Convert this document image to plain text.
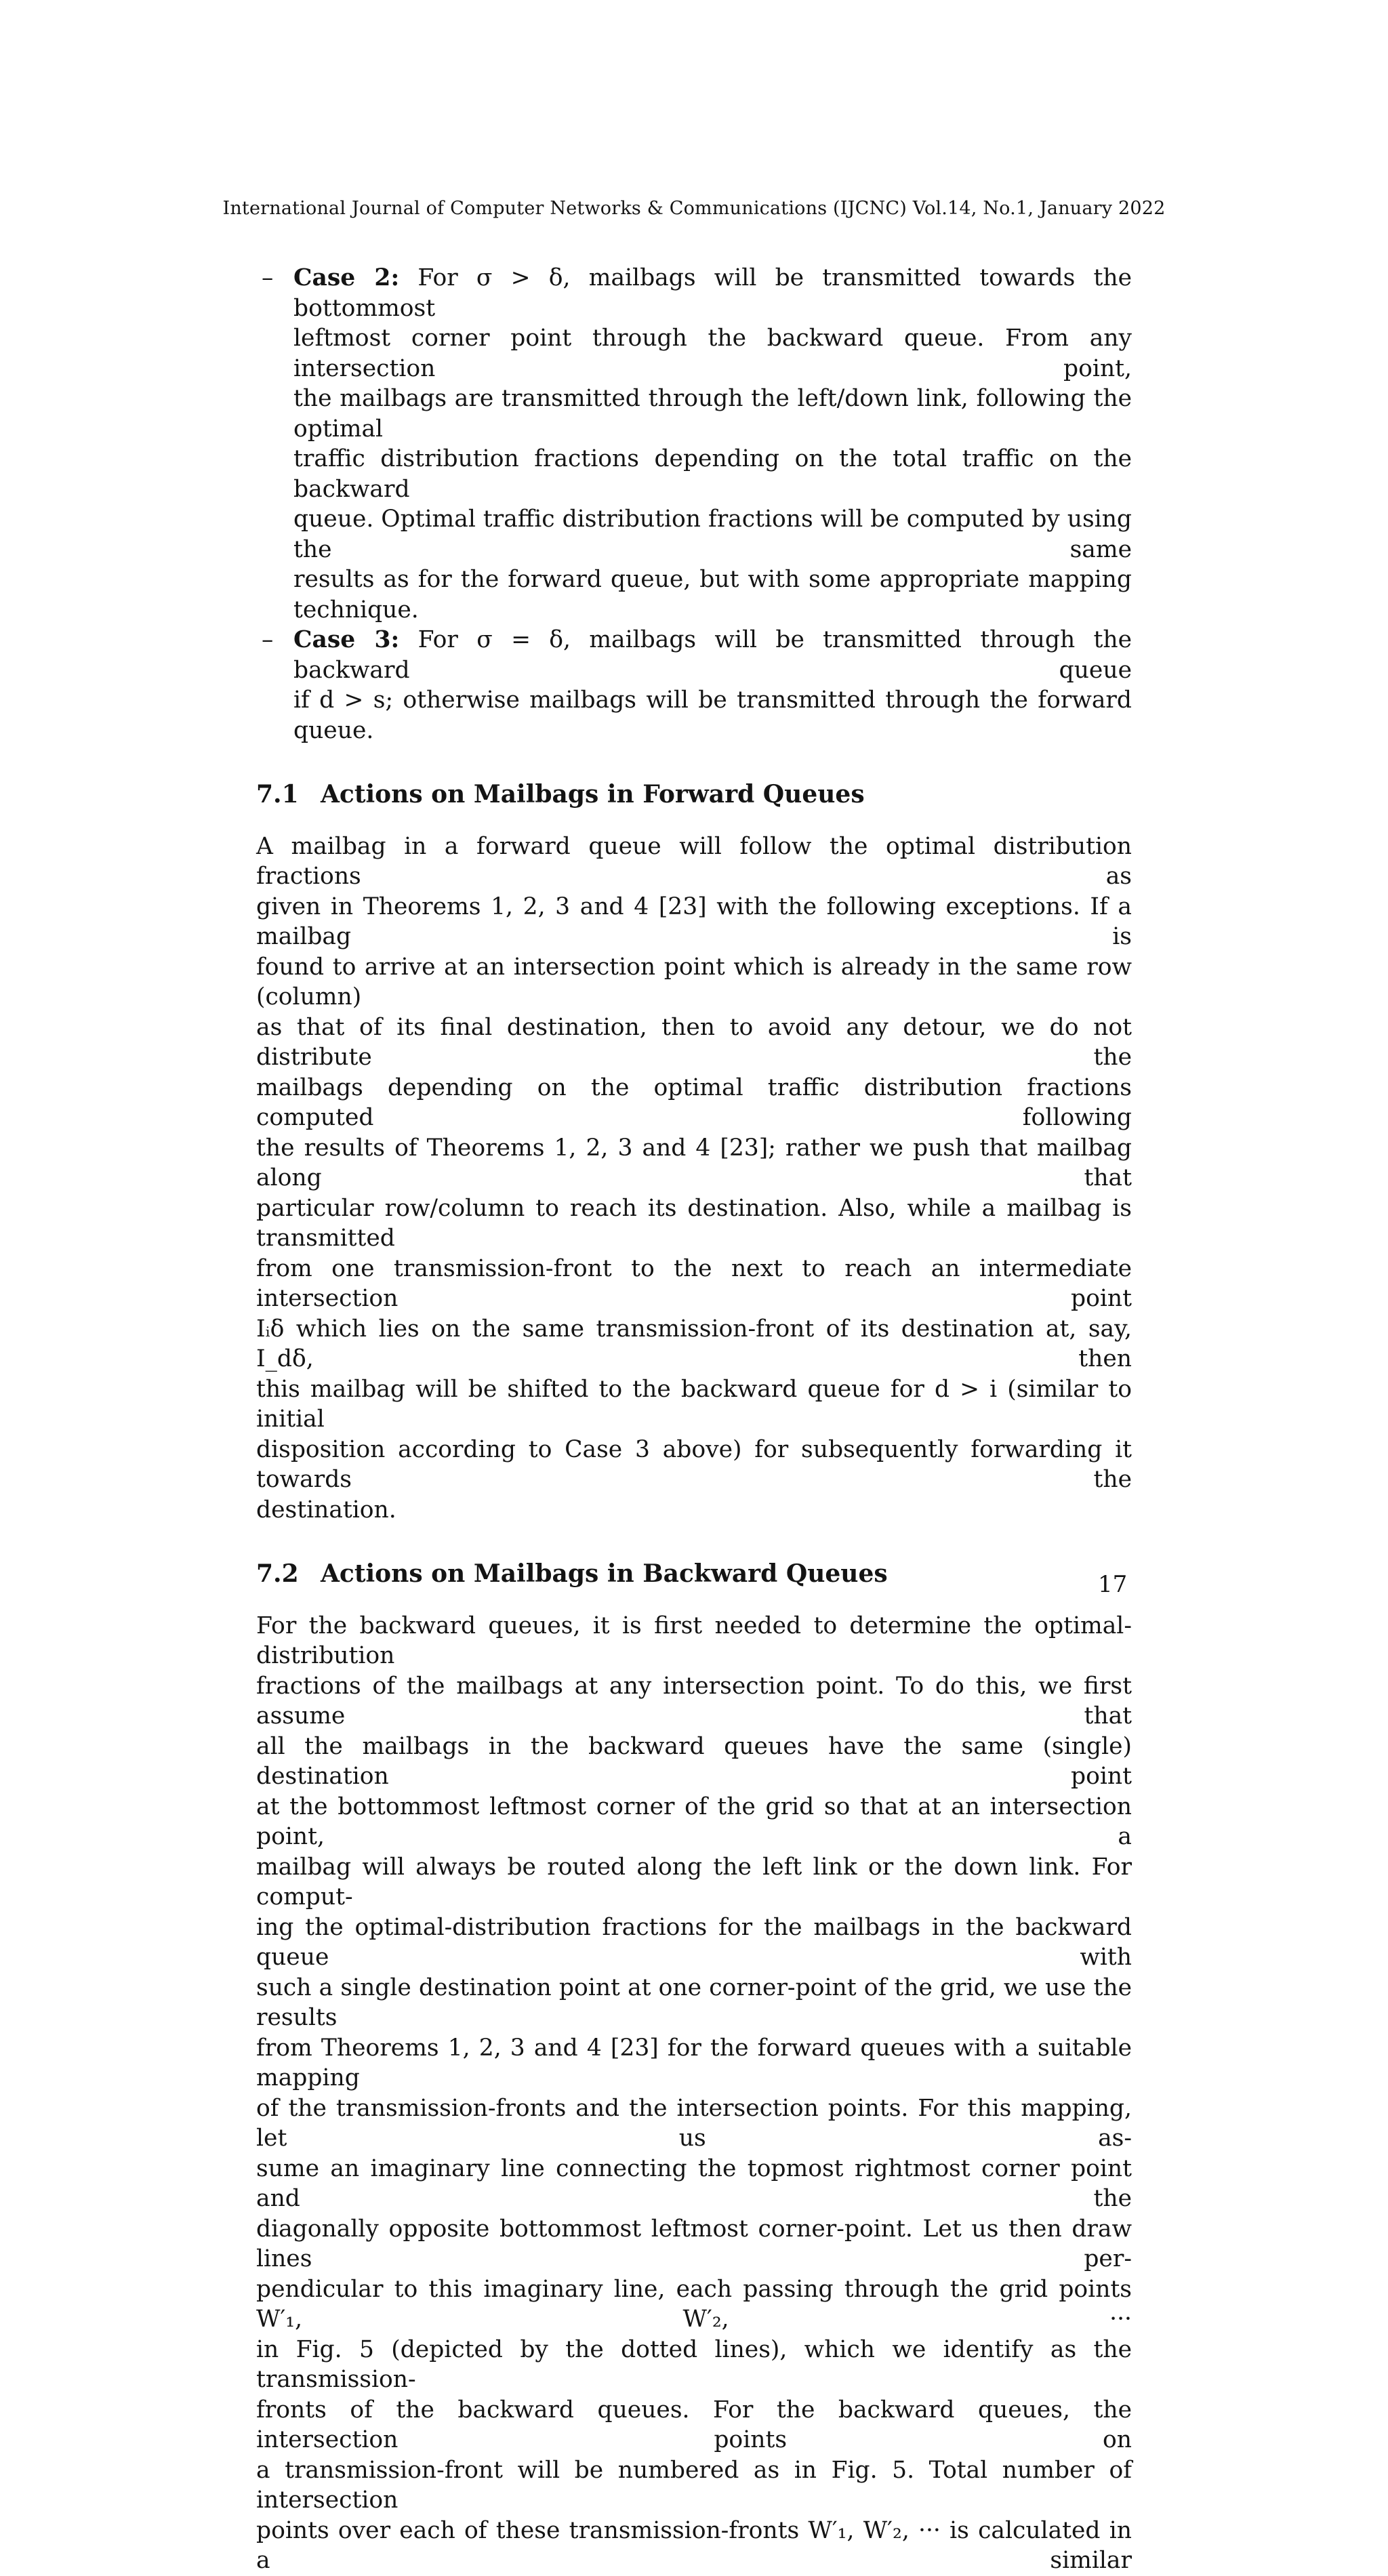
International Journal of Computer Networks & Communications (IJCNC) Vol.14, No.1, January 2022
– Case 2: For σ > δ, mailbags will be transmitted towards the bottommost

leftmost corner point through the backward queue. From any intersection point,

the mailbags are transmitted through the left/down link, following the optimal

traffic distribution fractions depending on the total traffic on the backward

queue. Optimal traffic distribution fractions will be computed by using the same

results as for the forward queue, but with some appropriate mapping technique.

– Case 3: For σ = δ, mailbags will be transmitted through the backward queue

if d > s; otherwise mailbags will be transmitted through the forward queue.

7.1 Actions on Mailbags in Forward Queues

A mailbag in a forward queue will follow the optimal distribution fractions as

given in Theorems 1, 2, 3 and 4 [23] with the following exceptions. If a mailbag is

found to arrive at an intersection point which is already in the same row (column)

as that of its final destination, then to avoid any detour, we do not distribute the

mailbags depending on the optimal traffic distribution fractions computed following

the results of Theorems 1, 2, 3 and 4 [23]; rather we push that mailbag along that

particular row/column to reach its destination. Also, while a mailbag is transmitted

from one transmission-front to the next to reach an intermediate intersection point

Iᵢδ which lies on the same transmission-front of its destination at, say, I_dδ, then

this mailbag will be shifted to the backward queue for d > i (similar to initial

disposition according to Case 3 above) for subsequently forwarding it towards the

destination.

7.2 Actions on Mailbags in Backward Queues

For the backward queues, it is first needed to determine the optimal-distribution

fractions of the mailbags at any intersection point. To do this, we first assume that

all the mailbags in the backward queues have the same (single) destination point

at the bottommost leftmost corner of the grid so that at an intersection point, a

mailbag will always be routed along the left link or the down link. For comput-

ing the optimal-distribution fractions for the mailbags in the backward queue with

such a single destination point at one corner-point of the grid, we use the results

from Theorems 1, 2, 3 and 4 [23] for the forward queues with a suitable mapping

of the transmission-fronts and the intersection points. For this mapping, let us as-

sume an imaginary line connecting the topmost rightmost corner point and the

diagonally opposite bottommost leftmost corner-point. Let us then draw lines per-

pendicular to this imaginary line, each passing through the grid points W′₁, W′₂, ···

in Fig. 5 (depicted by the dotted lines), which we identify as the transmission-

fronts of the backward queues. For the backward queues, the intersection points on

a transmission-front will be numbered as in Fig. 5. Total number of intersection

points over each of these transmission-fronts W′₁, W′₂, ··· is calculated in a similar

17
